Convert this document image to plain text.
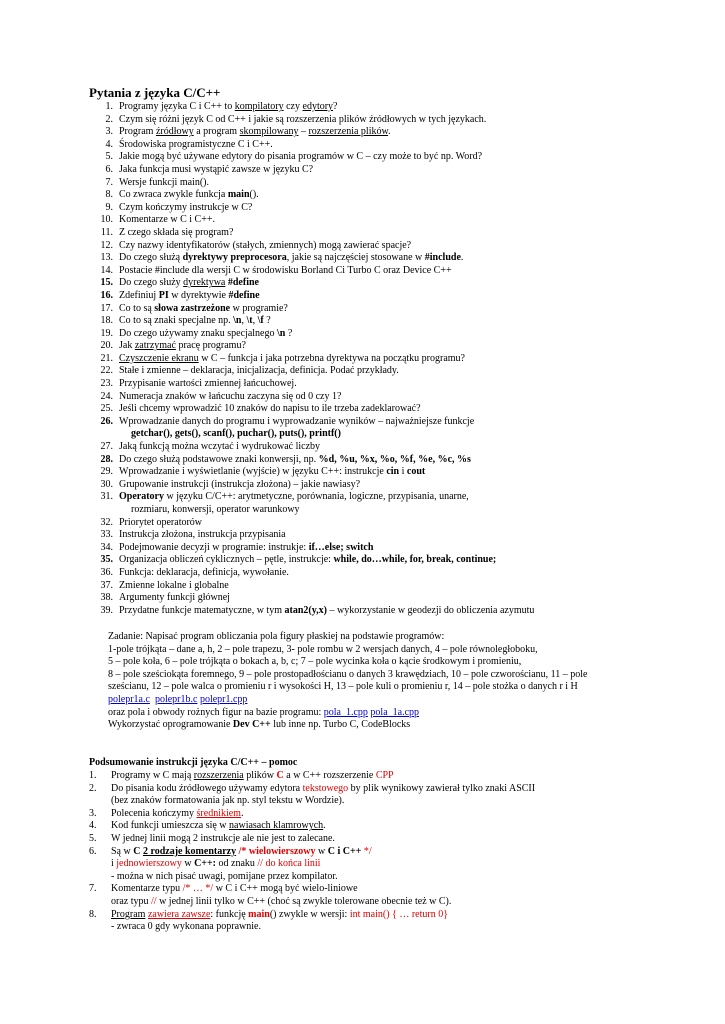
Pytania z języka C/C++
1. Programy języka C i C++ to kompilatory czy edytory?
2. Czym się różni język C od C++ i jakie są rozszerzenia plików źródłowych w tych językach.
3. Program źródłowy a program skompilowany – rozszerzenia plików.
4. Środowiska programistyczne C i C++.
5. Jakie mogą być używane edytory do pisania programów w C – czy może to być np. Word?
6. Jaka funkcja musi wystąpić zawsze w języku C?
7. Wersje funkcji main().
8. Co zwraca zwykle funkcja main().
9. Czym kończymy instrukcje w C?
10. Komentarze w C i C++.
11. Z czego składa się program?
12. Czy nazwy identyfikatorów (stałych, zmiennych) mogą zawierać spacje?
13. Do czego służą dyrektywy preprocesora, jakie są najczęściej stosowane w #include.
14. Postacie #include dla wersji C w środowisku Borland Ci Turbo C oraz Device C++
15. Do czego służy dyrektywa #define
16. Zdefiniuj PI w dyrektywie #define
17. Co to są słowa zastrzeżone w programie?
18. Co to są znaki specjalne np. \n, \t, \f ?
19. Do czego używamy znaku specjalnego \n ?
20. Jak zatrzymać pracę programu?
21. Czyszczenie ekranu w C – funkcja i jaka potrzebna dyrektywa na początku programu?
22. Stałe i zmienne – deklaracja, inicjalizacja, definicja. Podać przykłady.
23. Przypisanie wartości zmiennej łańcuchowej.
24. Numeracja znaków w łańcuchu zaczyna się od 0 czy 1?
25. Jeśli chcemy wprowadzić 10 znaków do napisu to ile trzeba zadeklarować?
26. Wprowadzanie danych do programu i wyprowadzanie wyników – najważniejsze funkcje
getchar(), gets(), scanf(), puchar(), puts(), printf()
27. Jaką funkcją można wczytać i wydrukować liczby
28. Do czego służą podstawowe znaki konwersji, np. %d, %u, %x, %o, %f, %e, %c, %s
29. Wprowadzanie i wyświetlanie (wyjście) w języku C++: instrukcje cin i cout
30. Grupowanie instrukcji (instrukcja złożona) – jakie nawiasy?
31. Operatory w języku C/C++: arytmetyczne, porównania, logiczne, przypisania, unarne,
rozmiaru, konwersji, operator warunkowy
32. Priorytet operatorów
33. Instrukcja złożona, instrukcja przypisania
34. Podejmowanie decyzji w programie: instrukje: if…else; switch
35. Organizacja obliczeń cyklicznych – pętle, instrukcje: while, do…while, for, break, continue;
36. Funkcja: deklaracja, definicja, wywołanie.
37. Zmienne lokalne i globalne
38. Argumenty funkcji głównej
39. Przydatne funkcje matematyczne, w tym atan2(y,x) – wykorzystanie w geodezji do obliczenia azymutu
Zadanie: Napisać program obliczania pola figury płaskiej na podstawie programów:
1-pole trójkąta – dane a, h, 2 – pole trapezu, 3- pole rombu w 2 wersjach danych, 4 – pole równoległoboku,
5 – pole koła, 6 – pole trójkąta o bokach a, b, c; 7 – pole wycinka koła o kącie środkowym i promieniu,
8 – pole sześciokąta foremnego, 9 – pole prostopadłościanu o danych 3 krawędziach, 10 – pole czworościanu, 11 – pole
sześcianu, 12 – pole walca o promieniu r i wysokości H, 13 – pole kuli o promieniu r, 14 – pole stożka o danych r i H
polepr1a.c polepr1b.c polepr1.cpp
oraz pola i obwody rożnych figur na bazie programu: pola_1.cpp pola_1a.cpp
Wykorzystać oprogramowanie Dev C++ lub inne np. Turbo C, CodeBlocks
Podsumowanie instrukcji języka C/C++ – pomoc
1.	Programy w C mają rozszerzenia plików C a w C++ rozszerzenie CPP
2.	Do pisania kodu źródłowego używamy edytora tekstowego by plik wynikowy zawierał tylko znaki ASCII
(bez znaków formatowania jak np. styl tekstu w Wordzie).
3.	Polecenia kończymy średnikiem.
4.	Kod funkcji umieszcza się w nawiasach klamrowych.
5.	W jednej linii mogą 2 instrukcje ale nie jest to zalecane.
6.	Są w C 2 rodzaje komentarzy /* wielowierszowy w C i C++ */
i jednowierszowy w C++: od znaku // do końca linii
- można w nich pisać uwagi, pomijane przez kompilator.
7.	Komentarze typu /* … */ w C i C++ mogą być wielo-liniowe
oraz typu // w jednej linii tylko w C++ (choć są zwykle tolerowane obecnie też w C).
8.	Program zawiera zawsze: funkcję main() zwykle w wersji: int main() { … return 0}
- zwraca 0 gdy wykonana poprawnie.
